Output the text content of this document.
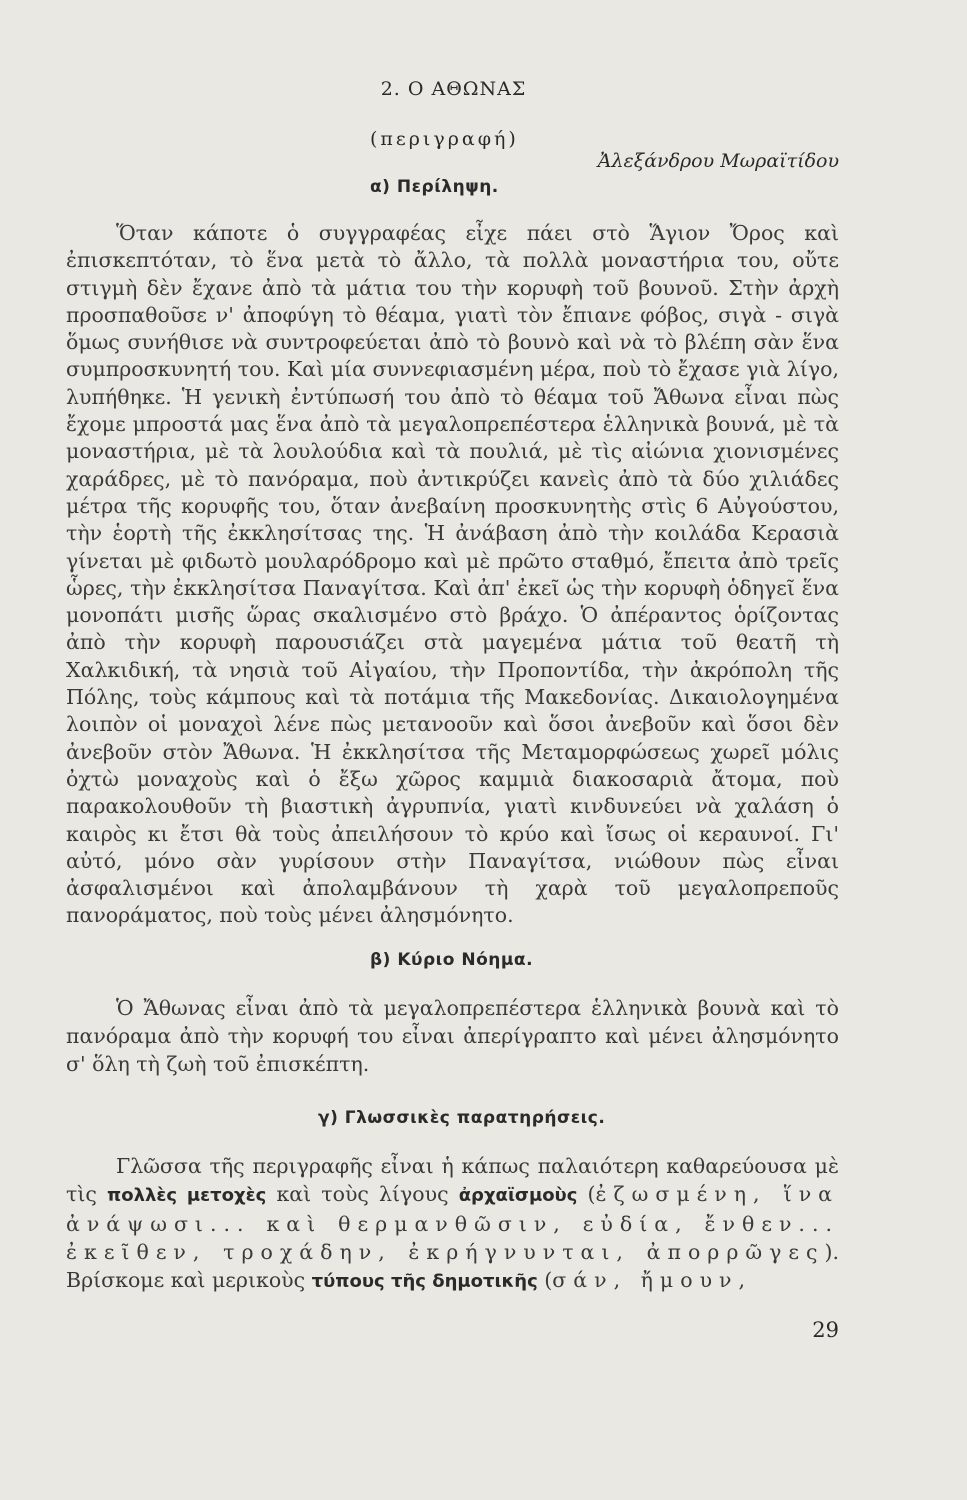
2. Ο ΑΘΩΝΑΣ
(περιγραφή)
Ἀλεξάνδρου Μωραϊτίδου
α) Περίληψη.

Ὅταν κάποτε ὁ συγγραφέας εἶχε πάει στὸ Ἅγιον Ὄρος καὶ ἐπισκεπτόταν, τὸ ἕνα μετὰ τὸ ἄλλο, τὰ πολλὰ μοναστήρια του, οὔτε στιγμὴ δὲν ἔχανε ἀπὸ τὰ μάτια του τὴν κορυφὴ τοῦ βουνοῦ. Στὴν ἀρχὴ προσπαθοῦσε ν' ἀποφύγη τὸ θέαμα, γιατὶ τὸν ἔπιανε φόβος, σιγὰ - σιγὰ ὅμως συνήθισε νὰ συντροφεύεται ἀπὸ τὸ βουνὸ καὶ νὰ τὸ βλέπη σὰν ἕνα συμπροσκυνητή του. Καὶ μία συννεφιασμένη μέρα, ποὺ τὸ ἔχασε γιὰ λίγο, λυπήθηκε. Ἡ γενικὴ ἐντύπωσή του ἀπὸ τὸ θέαμα τοῦ Ἄθωνα εἶναι πὼς ἔχομε μπροστά μας ἕνα ἀπὸ τὰ μεγαλοπρεπέστερα ἑλληνικὰ βουνά, μὲ τὰ μοναστήρια, μὲ τὰ λουλούδια καὶ τὰ πουλιά, μὲ τὶς αἰώνια χιονισμένες χαράδρες, μὲ τὸ πανόραμα, ποὺ ἀντικρύζει κανεὶς ἀπὸ τὰ δύο χιλιάδες μέτρα τῆς κορυφῆς του, ὅταν ἀνεβαίνη προσκυνητὴς στὶς 6 Αὐγούστου, τὴν ἑορτὴ τῆς ἐκκλησίτσας της. Ἡ ἀνάβαση ἀπὸ τὴν κοιλάδα Κερασιὰ γίνεται μὲ φιδωτὸ μουλαρόδρομο καὶ μὲ πρῶτο σταθμό, ἔπειτα ἀπὸ τρεῖς ὧρες, τὴν ἐκκλησίτσα Παναγίτσα. Καὶ ἀπ' ἐκεῖ ὡς τὴν κορυφὴ ὁδηγεῖ ἕνα μονοπάτι μισῆς ὥρας σκαλισμένο στὸ βράχο. Ὁ ἀπέραντος ὁρίζοντας ἀπὸ τὴν κορυφὴ παρουσιάζει στὰ μαγεμένα μάτια τοῦ θεατῆ τὴ Χαλκιδική, τὰ νησιὰ τοῦ Αἰγαίου, τὴν Προποντίδα, τὴν ἀκρόπολη τῆς Πόλης, τοὺς κάμπους καὶ τὰ ποτάμια τῆς Μακεδονίας. Δικαιολογημένα λοιπὸν οἱ μοναχοὶ λένε πὼς μετανοοῦν καὶ ὅσοι ἀνεβοῦν καὶ ὅσοι δὲν ἀνεβοῦν στὸν Ἄθωνα. Ἡ ἐκκλησίτσα τῆς Μεταμορφώσεως χωρεῖ μόλις ὀχτὼ μοναχοὺς καὶ ὁ ἔξω χῶρος καμμιὰ διακοσαριὰ ἄτομα, ποὺ παρακολουθοῦν τὴ βιαστικὴ ἀγρυπνία, γιατὶ κινδυνεύει νὰ χαλάση ὁ καιρὸς κι ἔτσι θὰ τοὺς ἀπειλήσουν τὸ κρύο καὶ ἴσως οἱ κεραυνοί. Γι' αὐτό, μόνο σὰν γυρίσουν στὴν Παναγίτσα, νιώθουν πὼς εἶναι ἀσφαλισμένοι καὶ ἀπολαμβάνουν τὴ χαρὰ τοῦ μεγαλοπρεποῦς πανοράματος, ποὺ τοὺς μένει ἀλησμόνητο.

β) Κύριο Νόημα.

Ὁ Ἄθωνας εἶναι ἀπὸ τὰ μεγαλοπρεπέστερα ἑλληνικὰ βουνὰ καὶ τὸ πανόραμα ἀπὸ τὴν κορυφή του εἶναι ἀπερίγραπτο καὶ μένει ἀλησμόνητο σ' ὅλη τὴ ζωὴ τοῦ ἐπισκέπτη.

γ) Γλωσσικὲς παρατηρήσεις.

Γλῶσσα τῆς περιγραφῆς εἶναι ἡ κάπως παλαιότερη καθαρεύουσα μὲ τὶς πολλὲς μετοχὲς καὶ τοὺς λίγους ἀρχαϊσμοὺς (ἐζωσμένη, ἵνα ἀνάψωσι... καὶ θερμανθῶσιν, εὐδία, ἔνθεν... ἐκεῖθεν, τροχάδην, ἐκρήγνυνται, ἀπορρῶγες). Βρίσκομε καὶ μερικοὺς τύπους τῆς δημοτικῆς (σάν, ἤμουν,

29
